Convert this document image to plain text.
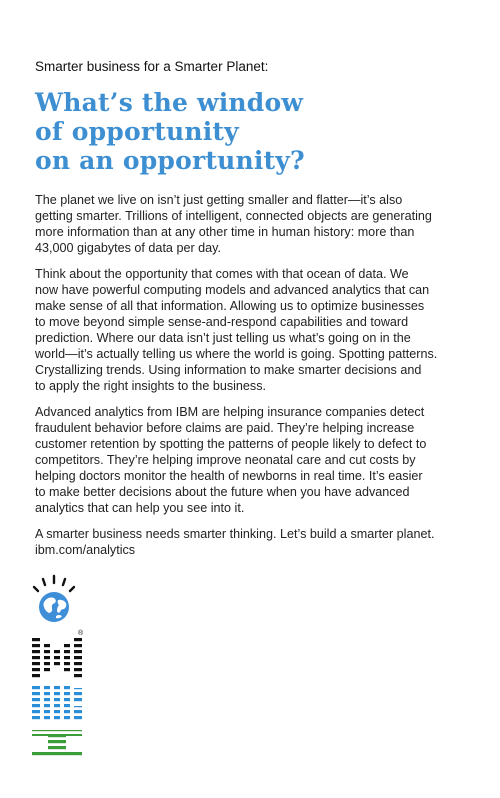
Smarter business for a Smarter Planet:
What’s the window
of opportunity
on an opportunity?

The planet we live on isn’t just getting smaller and flatter—it’s also
getting smarter. Trillions of intelligent, connected objects are generating
more information than at any other time in human history: more than
43,000 gigabytes of data per day.

Think about the opportunity that comes with that ocean of data. We
now have powerful computing models and advanced analytics that can
make sense of all that information. Allowing us to optimize businesses
to move beyond simple sense-and-respond capabilities and toward
prediction. Where our data isn’t just telling us what’s going on in the
world—it’s actually telling us where the world is going. Spotting patterns.
Crystallizing trends. Using information to make smarter decisions and
to apply the right insights to the business.

Advanced analytics from IBM are helping insurance companies detect
fraudulent behavior before claims are paid. They’re helping increase
customer retention by spotting the patterns of people likely to defect to
competitors. They’re helping improve neonatal care and cut costs by
helping doctors monitor the health of newborns in real time. It’s easier
to make better decisions about the future when you have advanced
analytics that can help you see into it.

A smarter business needs smarter thinking. Let’s build a smarter planet.
ibm.com/analytics

®
